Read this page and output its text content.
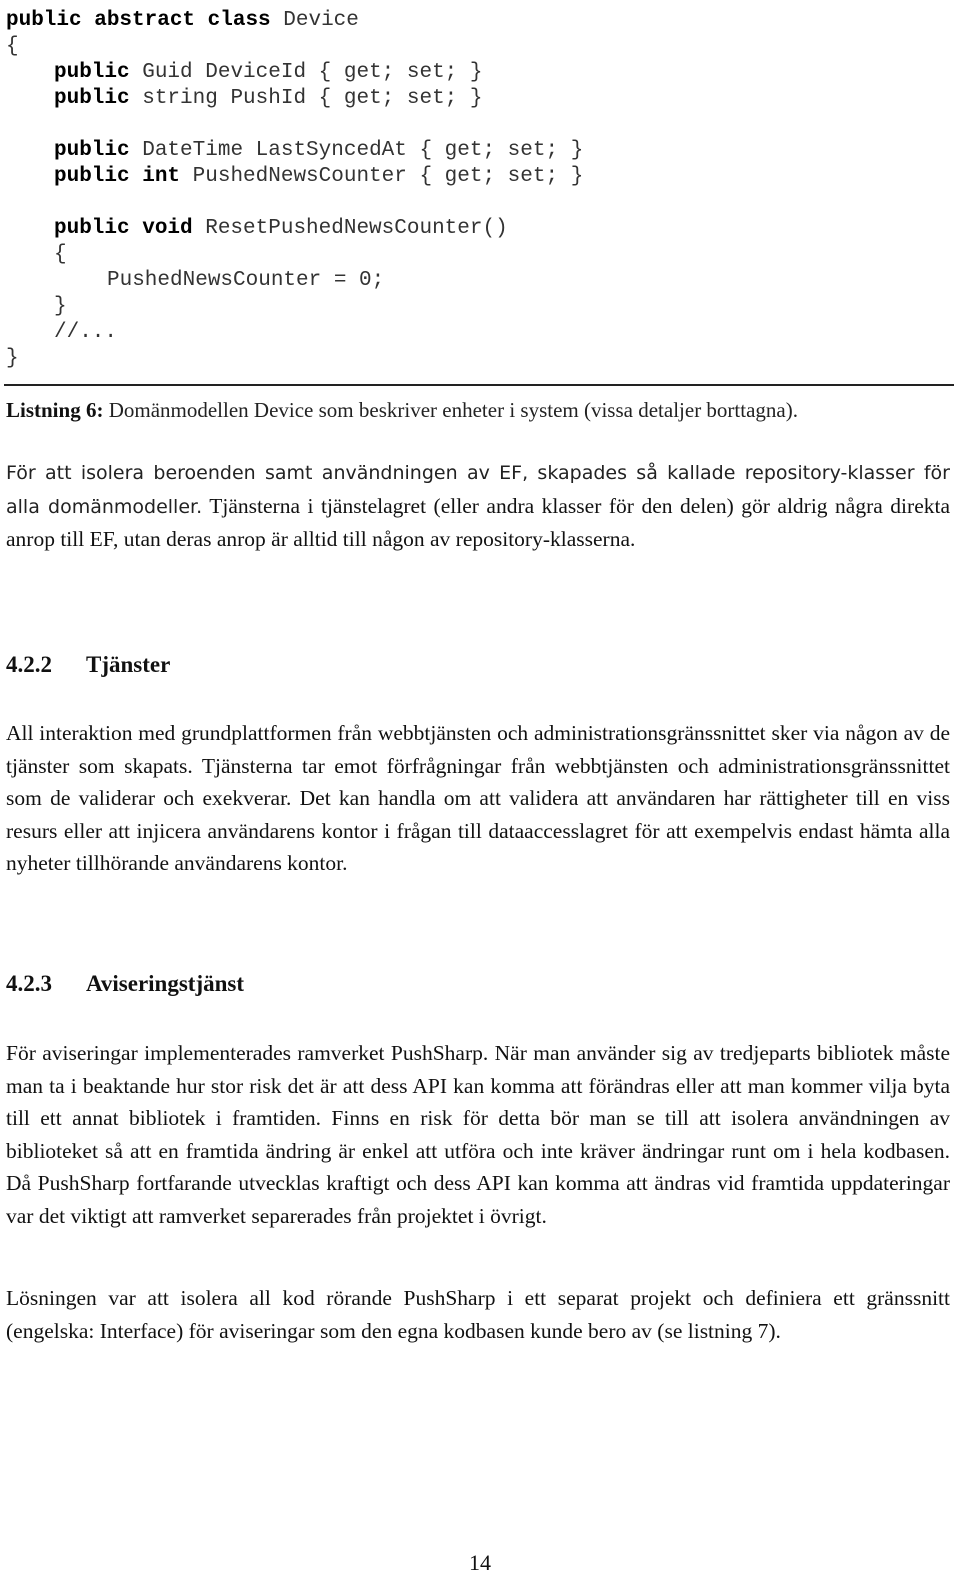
public abstract class Device
{
public Guid DeviceId { get; set; }
public string PushId { get; set; }
public DateTime LastSyncedAt { get; set; }
public int PushedNewsCounter { get; set; }
public void ResetPushedNewsCounter()
{
PushedNewsCounter = 0;
}
//...
}
Listning 6: Domänmodellen Device som beskriver enheter i system (vissa detaljer borttagna).

För att isolera beroenden samt användningen av EF, skapades så kallade repository-klasser för alla domänmodeller. Tjänsterna i tjänstelagret (eller andra klasser för den delen) gör aldrig några direkta anrop till EF, utan deras anrop är alltid till någon av repository-klasserna.

4.2.2 Tjänster

All interaktion med grundplattformen från webbtjänsten och administrationsgränssnittet sker via någon av de tjänster som skapats. Tjänsterna tar emot förfrågningar från webbtjänsten och administrationsgränssnittet som de validerar och exekverar. Det kan handla om att validera att användaren har rättigheter till en viss resurs eller att injicera användarens kontor i frågan till dataaccesslagret för att exempelvis endast hämta alla nyheter tillhörande användarens kontor.

4.2.3 Aviseringstjänst

För aviseringar implementerades ramverket PushSharp. När man använder sig av tredjeparts bibliotek måste man ta i beaktande hur stor risk det är att dess API kan komma att förändras eller att man kommer vilja byta till ett annat bibliotek i framtiden. Finns en risk för detta bör man se till att isolera användningen av biblioteket så att en framtida ändring är enkel att utföra och inte kräver ändringar runt om i hela kodbasen. Då PushSharp fortfarande utvecklas kraftigt och dess API kan komma att ändras vid framtida uppdateringar var det viktigt att ramverket separerades från projektet i övrigt.

Lösningen var att isolera all kod rörande PushSharp i ett separat projekt och definiera ett gränssnitt (engelska: Interface) för aviseringar som den egna kodbasen kunde bero av (se listning 7).

14
